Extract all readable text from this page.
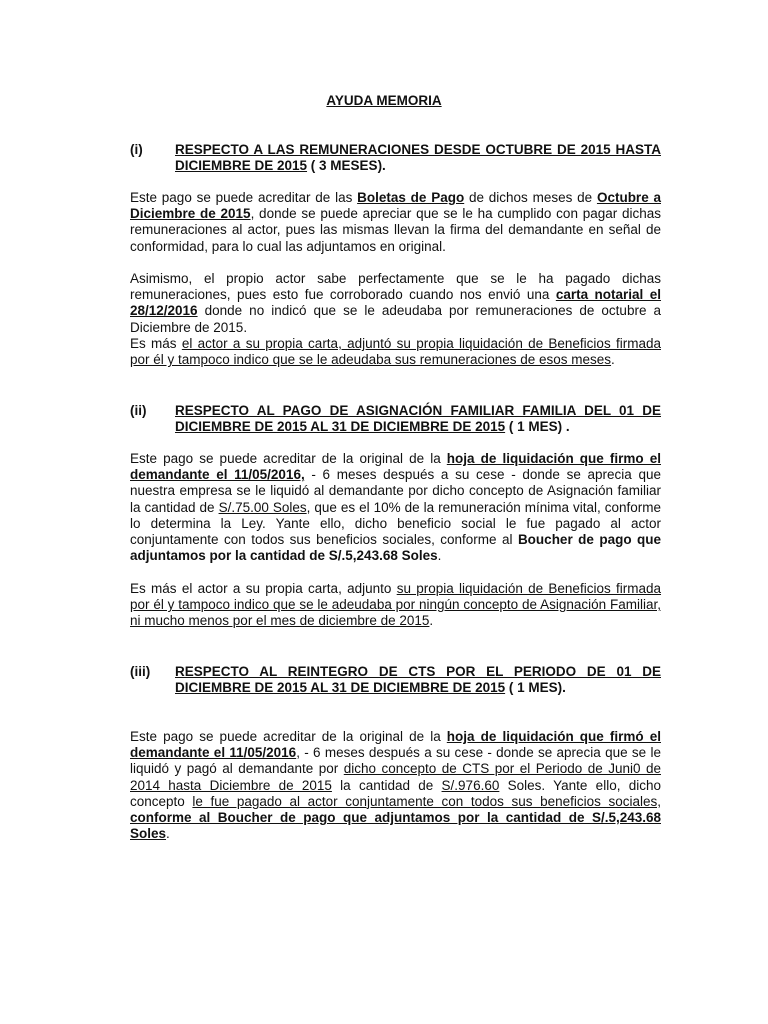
AYUDA MEMORIA
(i) RESPECTO A LAS REMUNERACIONES DESDE OCTUBRE DE 2015 HASTA DICIEMBRE DE 2015 ( 3 MESES).
Este pago se puede acreditar de las Boletas de Pago de dichos meses de Octubre a Diciembre de 2015, donde se puede apreciar que se le ha cumplido con pagar dichas remuneraciones al actor, pues las mismas llevan la firma del demandante en señal de conformidad, para lo cual las adjuntamos en original.
Asimismo, el propio actor sabe perfectamente que se le ha pagado dichas remuneraciones, pues esto fue corroborado cuando nos envió una carta notarial el 28/12/2016 donde no indicó que se le adeudaba por remuneraciones de octubre a Diciembre de 2015.
Es más el actor a su propia carta, adjuntó su propia liquidación de Beneficios firmada por él y tampoco indico que se le adeudaba sus remuneraciones de esos meses.
(ii) RESPECTO AL PAGO DE ASIGNACIÓN FAMILIAR FAMILIA DEL 01 DE DICIEMBRE DE 2015 AL 31 DE DICIEMBRE DE 2015 ( 1 MES) .
Este pago se puede acreditar de la original de la hoja de liquidación que firmo el demandante el 11/05/2016, - 6 meses después a su cese - donde se aprecia que nuestra empresa se le liquidó al demandante por dicho concepto de Asignación familiar la cantidad de S/.75.00 Soles, que es el 10% de la remuneración mínima vital, conforme lo determina la Ley. Yante ello, dicho beneficio social le fue pagado al actor conjuntamente con todos sus beneficios sociales, conforme al Boucher de pago que adjuntamos por la cantidad de S/.5,243.68 Soles.
Es más el actor a su propia carta, adjunto su propia liquidación de Beneficios firmada por él y tampoco indico que se le adeudaba por ningún concepto de Asignación Familiar, ni mucho menos por el mes de diciembre de 2015.
(iii) RESPECTO AL REINTEGRO DE CTS POR EL PERIODO DE 01 DE DICIEMBRE DE 2015 AL 31 DE DICIEMBRE DE 2015 ( 1 MES).
Este pago se puede acreditar de la original de la hoja de liquidación que firmó el demandante el 11/05/2016, - 6 meses después a su cese - donde se aprecia que se le liquidó y pagó al demandante por dicho concepto de CTS por el Periodo de Juni0 de 2014 hasta Diciembre de 2015 la cantidad de S/.976.60 Soles. Yante ello, dicho concepto le fue pagado al actor conjuntamente con todos sus beneficios sociales, conforme al Boucher de pago que adjuntamos por la cantidad de S/.5,243.68 Soles.
